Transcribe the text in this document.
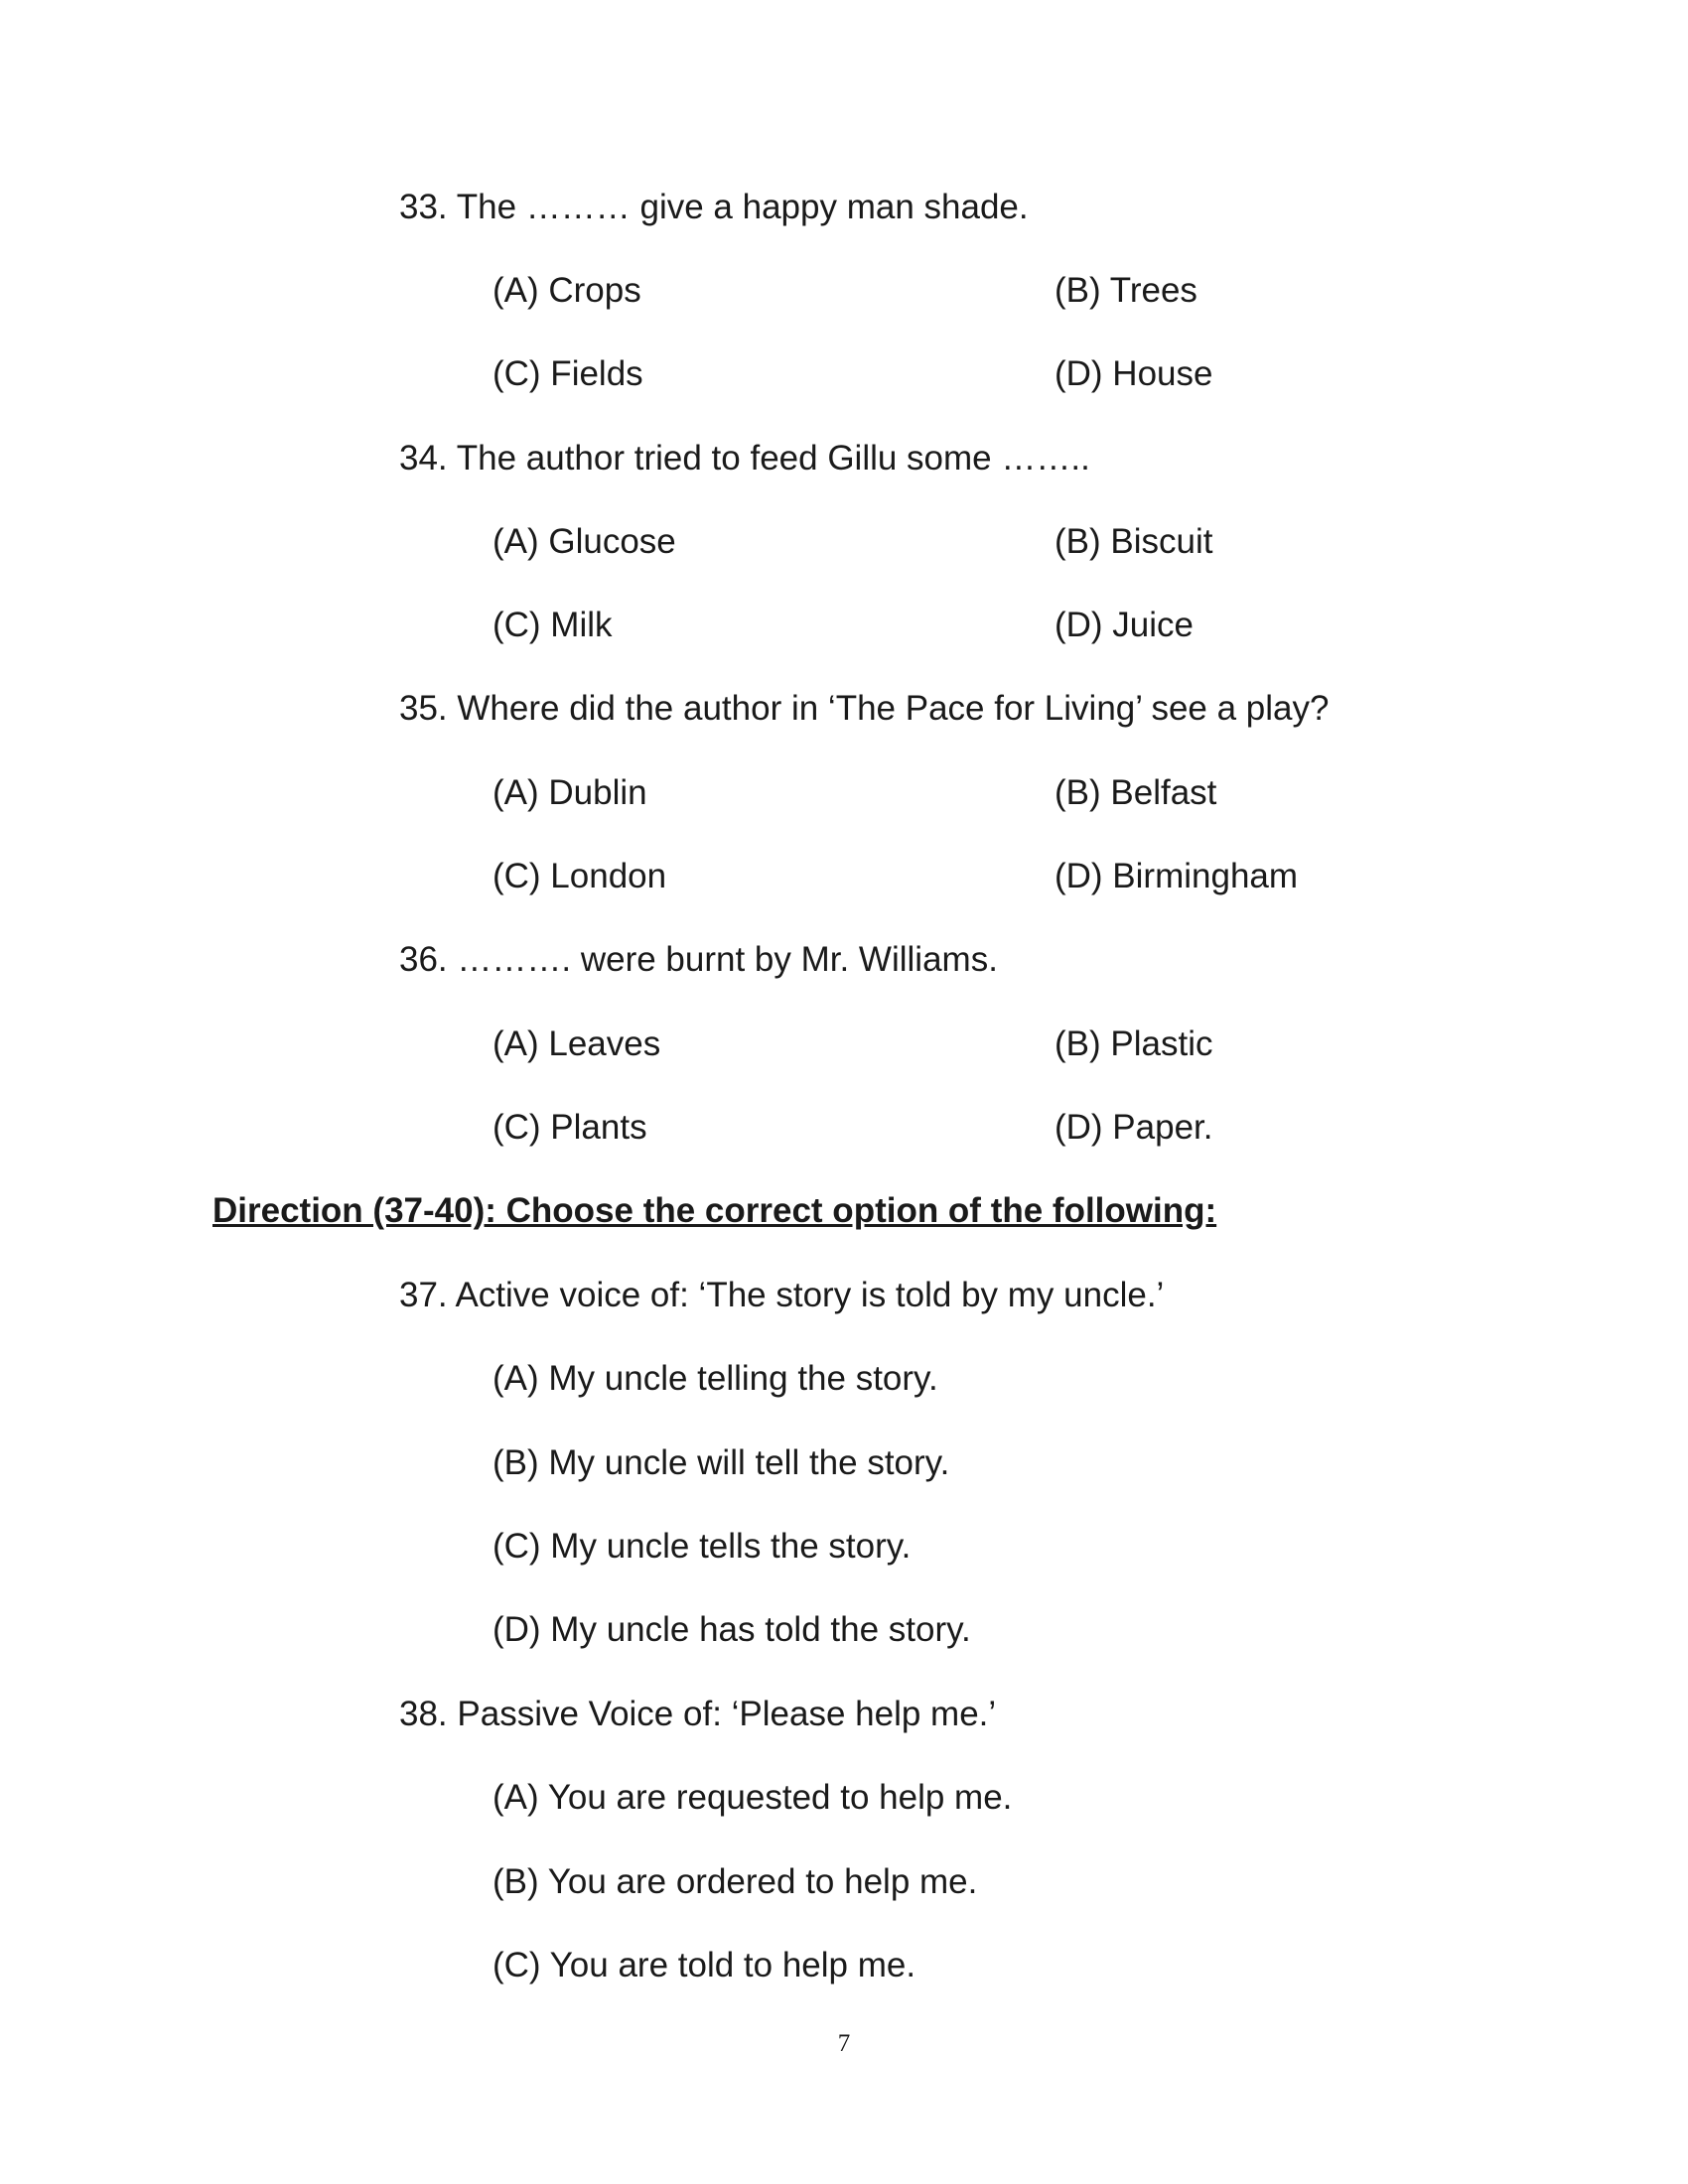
33. The ……… give a happy man shade.
(A) Crops	(B) Trees
(C) Fields	(D) House
34. The author tried to feed Gillu some ……..
(A) Glucose	(B) Biscuit
(C) Milk	(D) Juice
35. Where did the author in ‘The Pace for Living’ see a play?
(A) Dublin	(B) Belfast
(C) London	(D) Birmingham
36. ………. were burnt by Mr. Williams.
(A) Leaves	(B) Plastic
(C) Plants	(D) Paper.
Direction (37-40): Choose the correct option of the following:
37. Active voice of: ‘The story is told by my uncle.’
(A) My uncle telling the story.
(B) My uncle will tell the story.
(C) My uncle tells the story.
(D) My uncle has told the story.
38. Passive Voice of: ‘Please help me.’
(A) You are requested to help me.
(B) You are ordered to help me.
(C) You are told to help me.
7
